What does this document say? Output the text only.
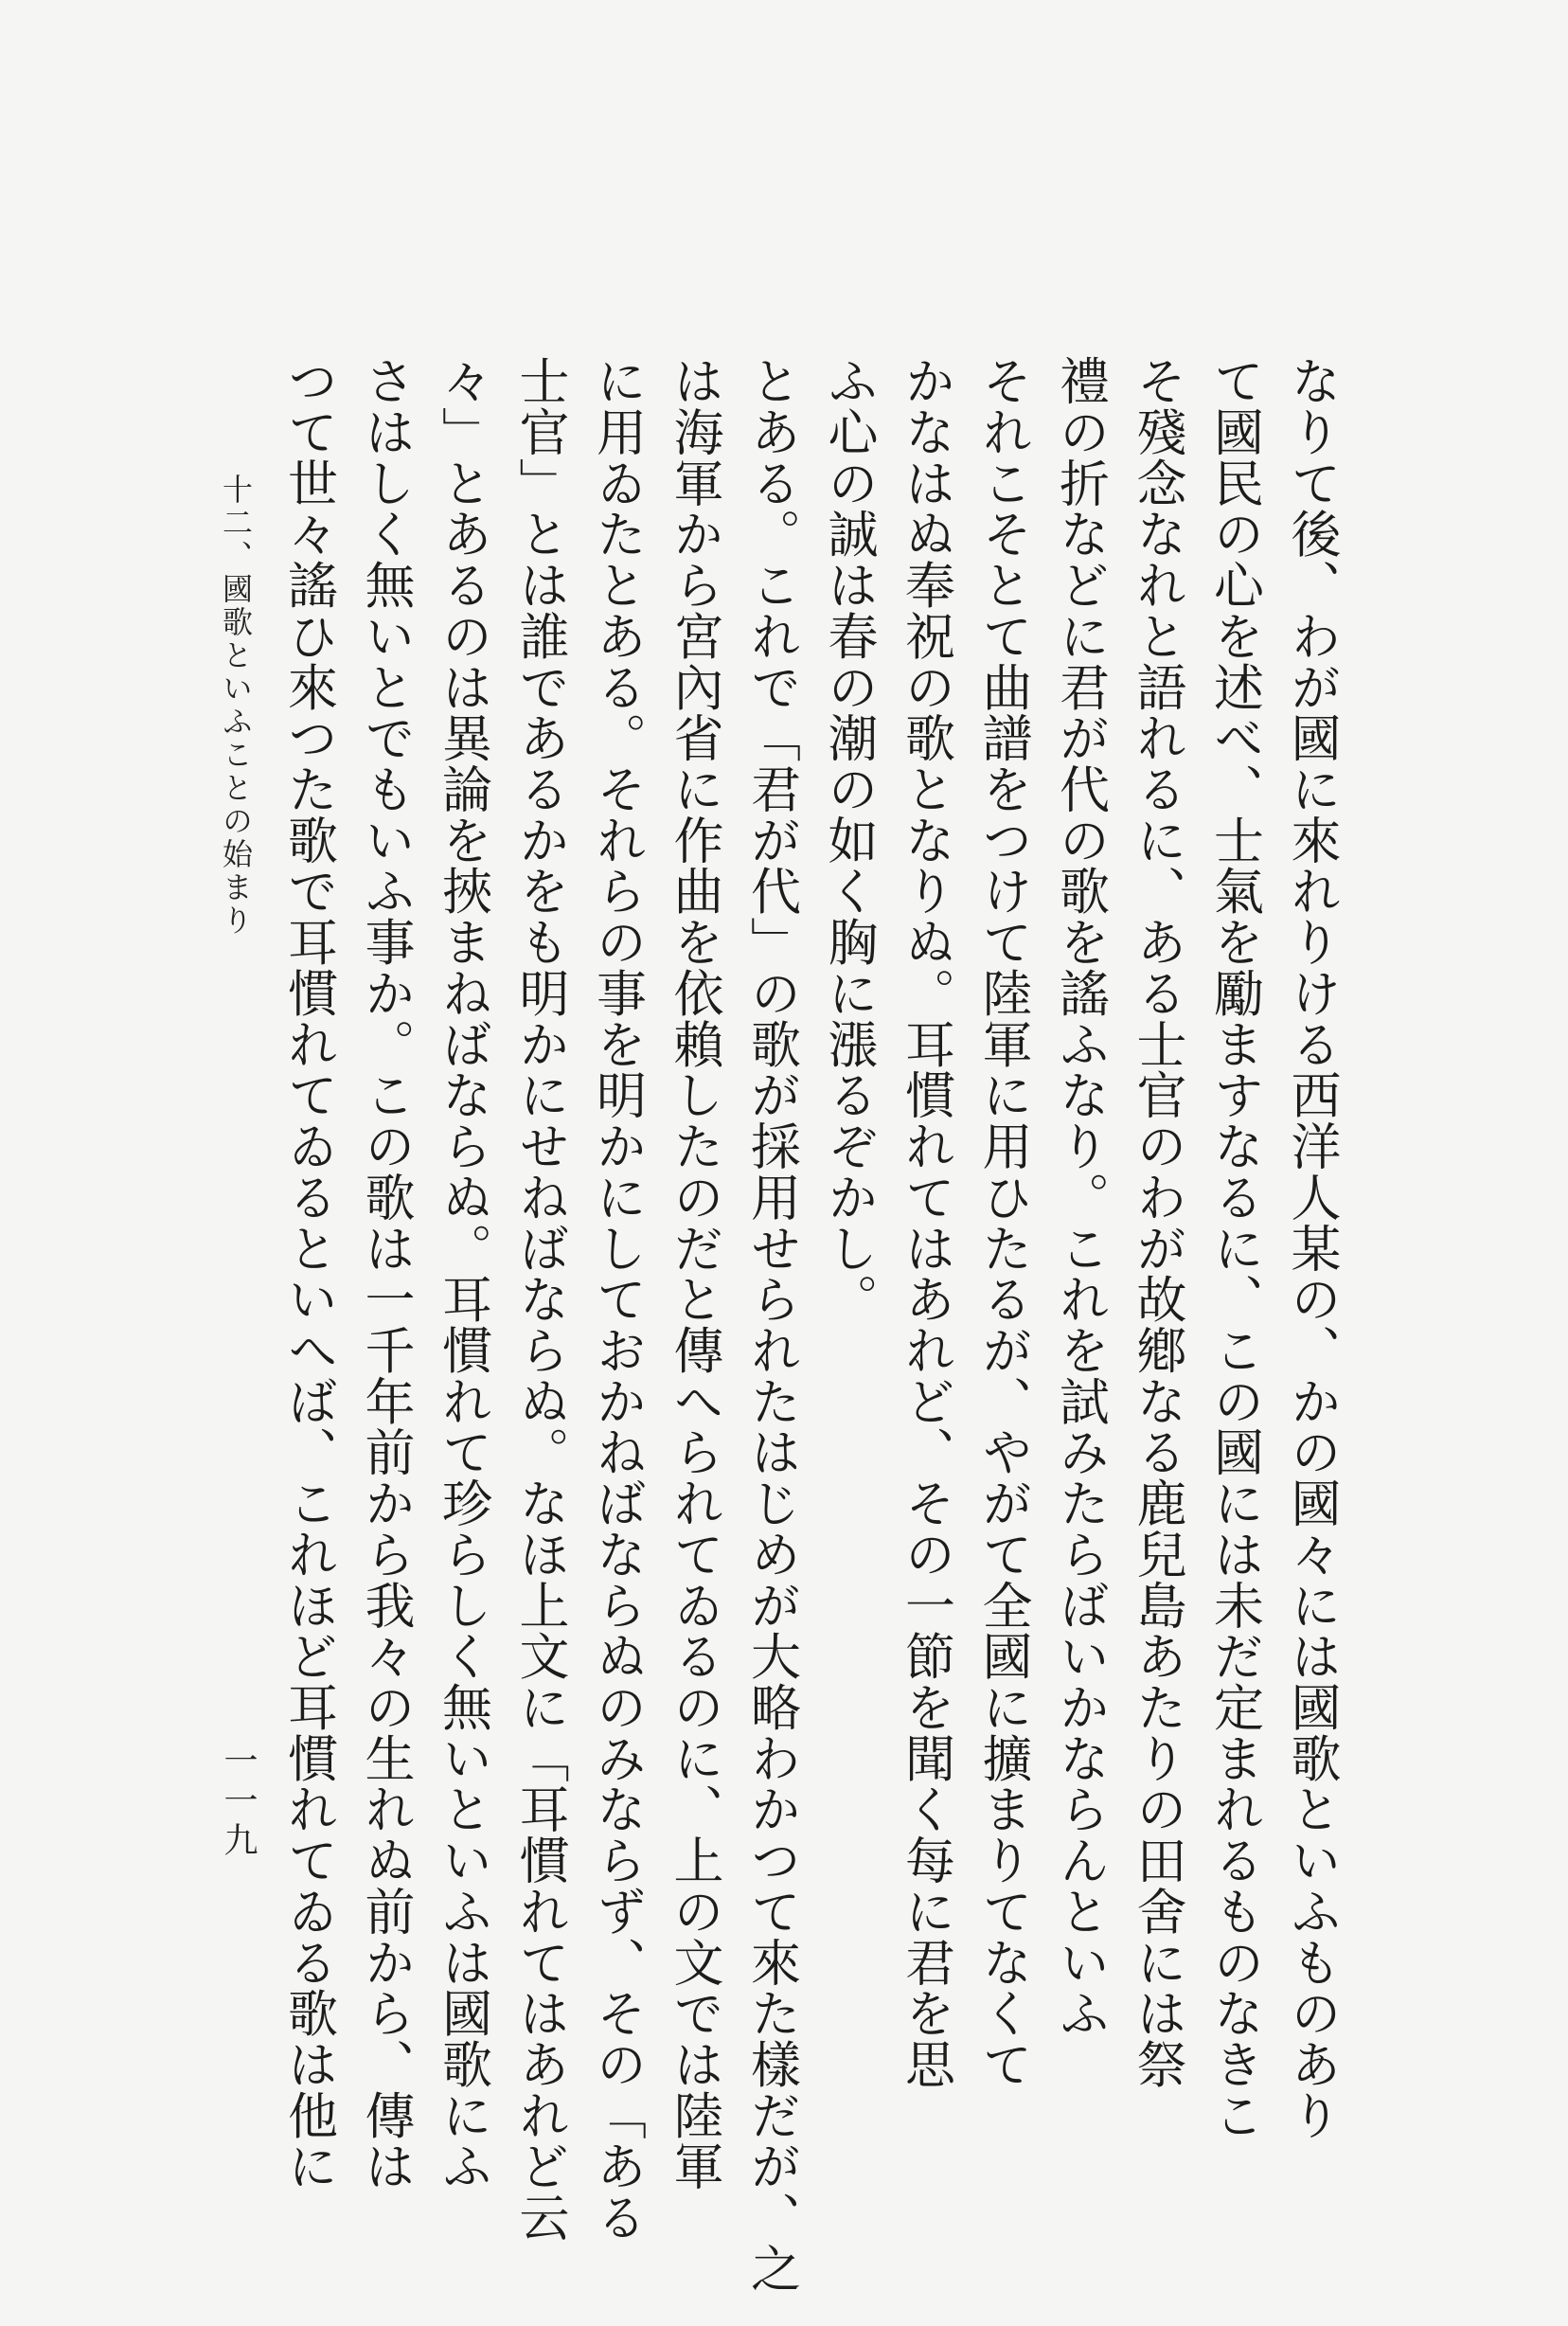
なりて後、わが國に來れりける西洋人某の、かの國々には國歌といふものあり
て國民の心を述べ、士氣を勵ますなるに、この國には未だ定まれるものなきこ
そ殘念なれと語れるに、ある士官のわが故鄕なる鹿兒島あたりの田舍には祭
禮の折などに君が代の歌を謠ふなり。これを試みたらばいかならんといふ
それこそとて曲譜をつけて陸軍に用ひたるが、やがて全國に擴まりてなくて
かなはぬ奉祝の歌となりぬ。耳慣れてはあれど、その一節を聞く每に君を思
ふ心の誠は春の潮の如く胸に漲るぞかし。
とある。これで「君が代」の歌が採用せられたはじめが大略わかつて來た樣だが、之
は海軍から宮內省に作曲を依賴したのだと傳へられてゐるのに、上の文では陸軍
に用ゐたとある。それらの事を明かにしておかねばならぬのみならず、その「ある
士官」とは誰であるかをも明かにせねばならぬ。なほ上文に「耳慣れてはあれど云
々」とあるのは異論を挾まねばならぬ。耳慣れて珍らしく無いといふは國歌にふ
さはしく無いとでもいふ事か。この歌は一千年前から我々の生れぬ前から、傳は
つて世々謠ひ來つた歌で耳慣れてゐるといへば、これほど耳慣れてゐる歌は他に
十二、國歌といふことの始まり
一一九
